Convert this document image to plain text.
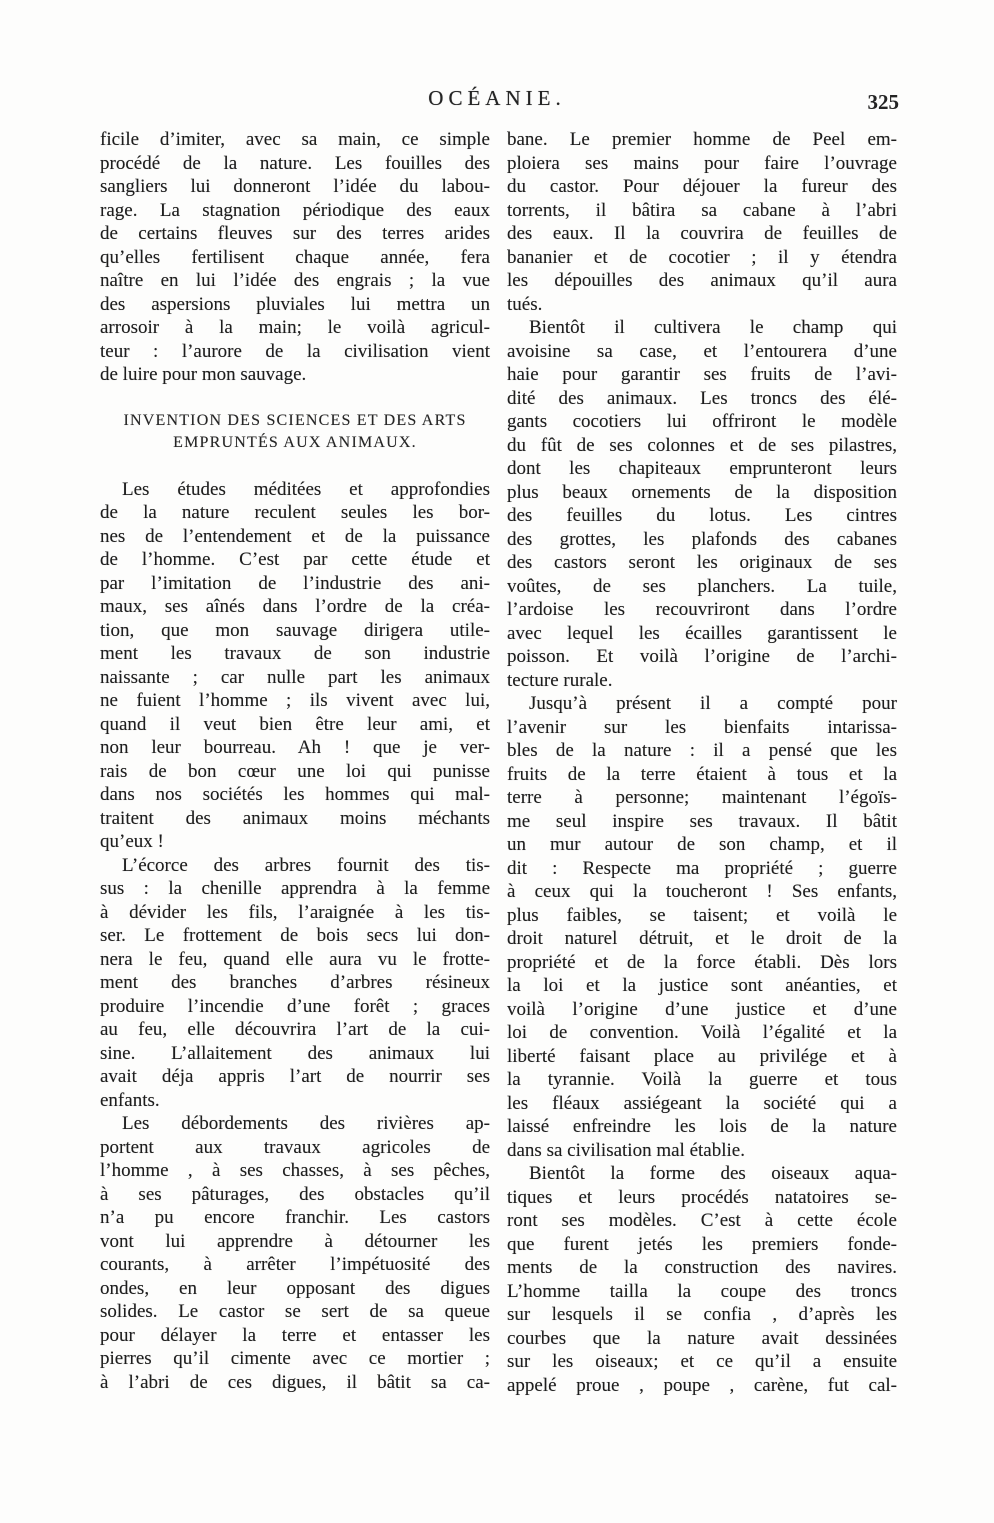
OCÉANIE.	325
ficile d’imiter, avec sa main, ce simple
procédé de la nature. Les fouilles des
sangliers lui donneront l’idée du labou-
rage. La stagnation périodique des eaux
de certains fleuves sur des terres arides
qu’elles fertilisent chaque année, fera
naître en lui l’idée des engrais ; la vue
des aspersions pluviales lui mettra un
arrosoir à la main; le voilà agricul-
teur : l’aurore de la civilisation vient
de luire pour mon sauvage.
INVENTION DES SCIENCES ET DES ARTS
EMPRUNTÉS AUX ANIMAUX.
Les études méditées et approfondies
de la nature reculent seules les bor-
nes de l’entendement et de la puissance
de l’homme. C’est par cette étude et
par l’imitation de l’industrie des ani-
maux, ses aînés dans l’ordre de la créa-
tion, que mon sauvage dirigera utile-
ment les travaux de son industrie
naissante ; car nulle part les animaux
ne fuient l’homme ; ils vivent avec lui,
quand il veut bien être leur ami, et
non leur bourreau. Ah ! que je ver-
rais de bon cœur une loi qui punisse
dans nos sociétés les hommes qui mal-
traitent des animaux moins méchants
qu’eux !
L’écorce des arbres fournit des tis-
sus : la chenille apprendra à la femme
à dévider les fils, l’araignée à les tis-
ser. Le frottement de bois secs lui don-
nera le feu, quand elle aura vu le frotte-
ment des branches d’arbres résineux
produire l’incendie d’une forêt ; graces
au feu, elle découvrira l’art de la cui-
sine. L’allaitement des animaux lui
avait déja appris l’art de nourrir ses
enfants.
Les débordements des rivières ap-
portent aux travaux agricoles de
l’homme , à ses chasses, à ses pêches,
à ses pâturages, des obstacles qu’il
n’a pu encore franchir. Les castors
vont lui apprendre à détourner les
courants, à arrêter l’impétuosité des
ondes, en leur opposant des digues
solides. Le castor se sert de sa queue
pour délayer la terre et entasser les
pierres qu’il cimente avec ce mortier ;
à l’abri de ces digues, il bâtit sa ca-
bane. Le premier homme de Peel em-
ploiera ses mains pour faire l’ouvrage
du castor. Pour déjouer la fureur des
torrents, il bâtira sa cabane à l’abri
des eaux. Il la couvrira de feuilles de
bananier et de cocotier ; il y étendra
les dépouilles des animaux qu’il aura
tués.
Bientôt il cultivera le champ qui
avoisine sa case, et l’entourera d’une
haie pour garantir ses fruits de l’avi-
dité des animaux. Les troncs des élé-
gants cocotiers lui offriront le modèle
du fût de ses colonnes et de ses pilastres,
dont les chapiteaux emprunteront leurs
plus beaux ornements de la disposition
des feuilles du lotus. Les cintres
des grottes, les plafonds des cabanes
des castors seront les originaux de ses
voûtes, de ses planchers. La tuile,
l’ardoise les recouvriront dans l’ordre
avec lequel les écailles garantissent le
poisson. Et voilà l’origine de l’archi-
tecture rurale.
Jusqu’à présent il a compté pour
l’avenir sur les bienfaits intarissa-
bles de la nature : il a pensé que les
fruits de la terre étaient à tous et la
terre à personne; maintenant l’égoïs-
me seul inspire ses travaux. Il bâtit
un mur autour de son champ, et il
dit : Respecte ma propriété ; guerre
à ceux qui la toucheront ! Ses enfants,
plus faibles, se taisent; et voilà le
droit naturel détruit, et le droit de la
propriété et de la force établi. Dès lors
la loi et la justice sont anéanties, et
voilà l’origine d’une justice et d’une
loi de convention. Voilà l’égalité et la
liberté faisant place au privilége et à
la tyrannie. Voilà la guerre et tous
les fléaux assiégeant la société qui a
laissé enfreindre les lois de la nature
dans sa civilisation mal établie.
Bientôt la forme des oiseaux aqua-
tiques et leurs procédés natatoires se-
ront ses modèles. C’est à cette école
que furent jetés les premiers fonde-
ments de la construction des navires.
L’homme tailla la coupe des troncs
sur lesquels il se confia , d’après les
courbes que la nature avait dessinées
sur les oiseaux; et ce qu’il a ensuite
appelé proue , poupe , carène, fut cal-
